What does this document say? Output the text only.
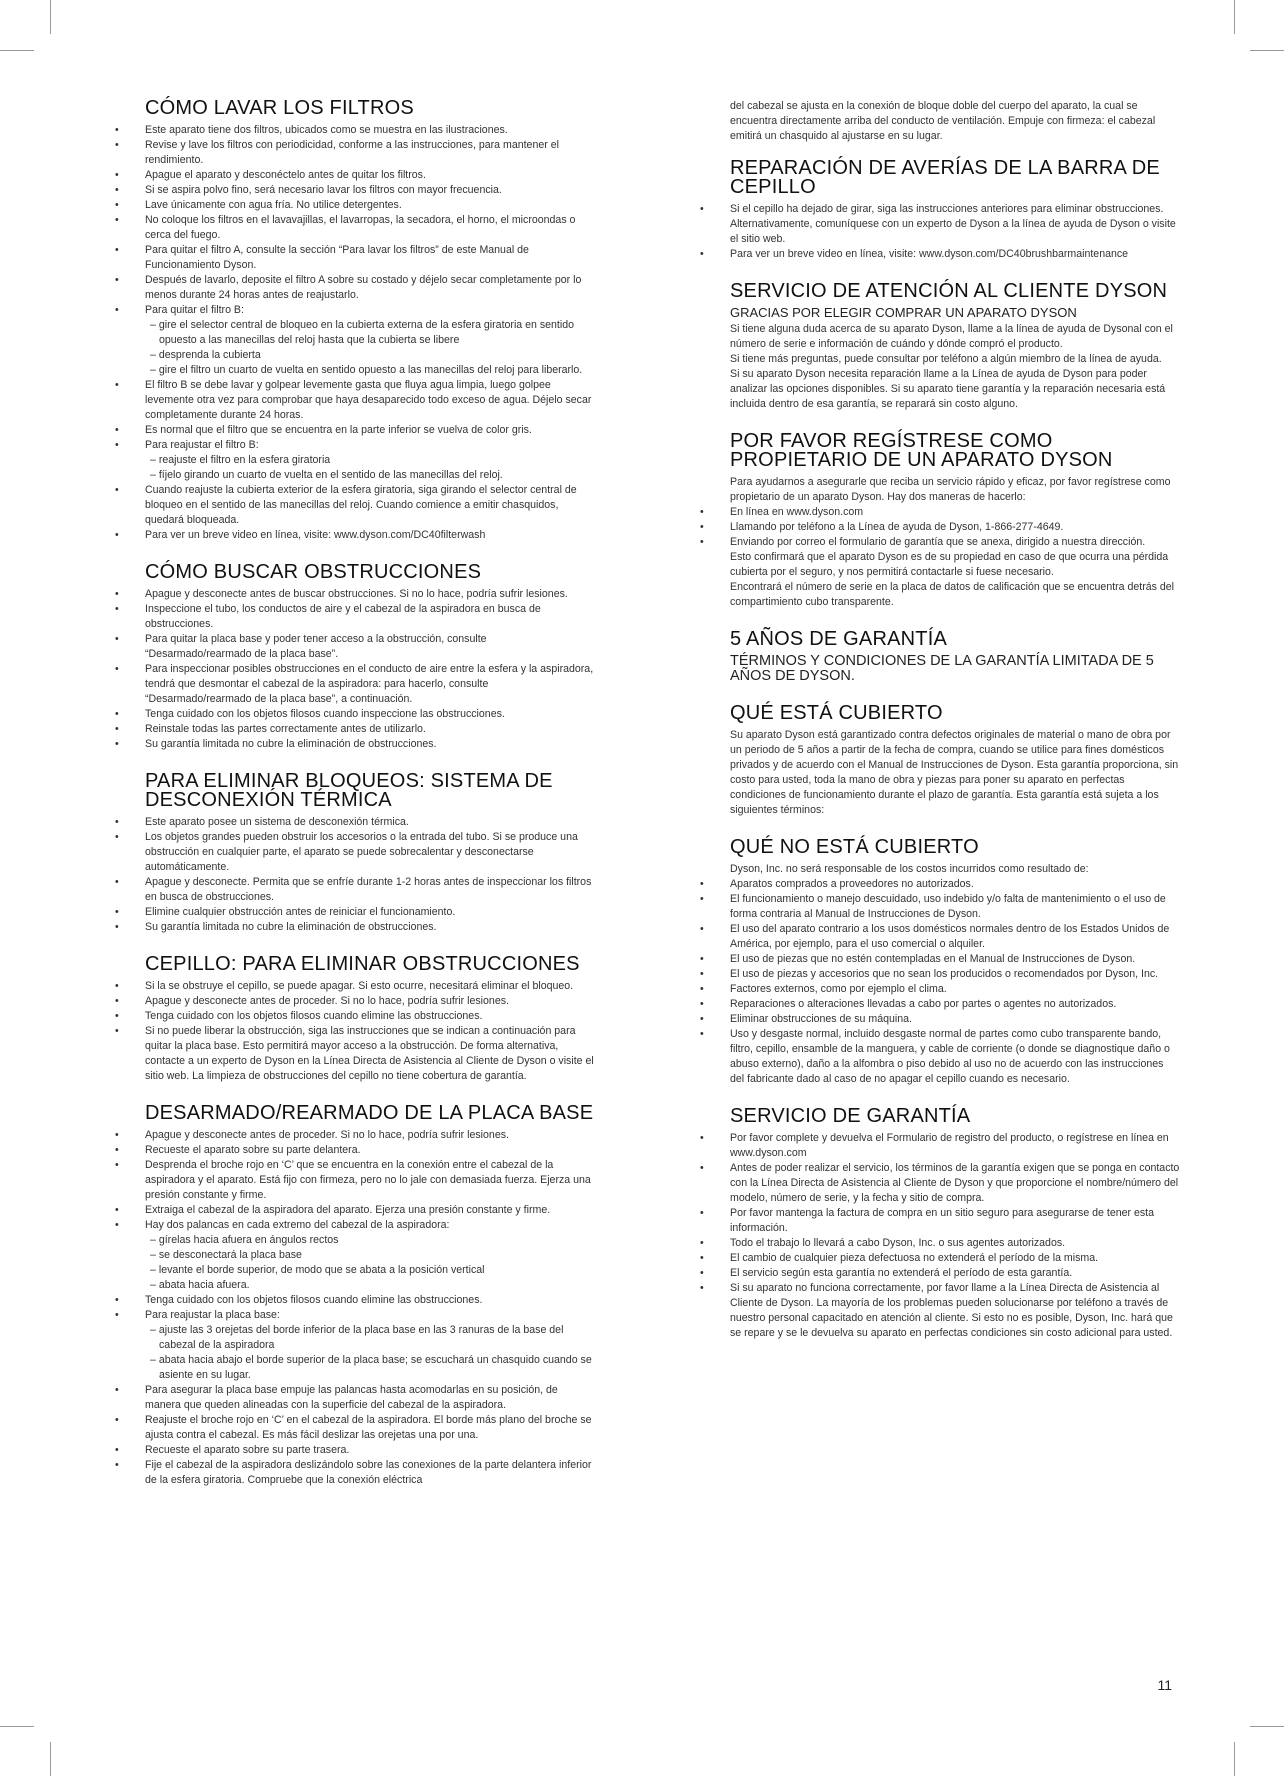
CÓMO LAVAR LOS FILTROS
• Este aparato tiene dos filtros, ubicados como se muestra en las ilustraciones.
• Revise y lave los filtros con periodicidad, conforme a las instrucciones, para mantener el rendimiento.
• Apague el aparato y desconéctelo antes de quitar los filtros.
• Si se aspira polvo fino, será necesario lavar los filtros con mayor frecuencia.
• Lave únicamente con agua fría. No utilice detergentes.
• No coloque los filtros en el lavavajillas, el lavarropas, la secadora, el horno, el microondas o cerca del fuego.
• Para quitar el filtro A, consulte la sección “Para lavar los filtros” de este Manual de Funcionamiento Dyson.
• Después de lavarlo, deposite el filtro A sobre su costado y déjelo secar completamente por lo menos durante 24 horas antes de reajustarlo.
• Para quitar el filtro B:
– gire el selector central de bloqueo en la cubierta externa de la esfera giratoria en sentido opuesto a las manecillas del reloj hasta que la cubierta se libere
– desprenda la cubierta
– gire el filtro un cuarto de vuelta en sentido opuesto a las manecillas del reloj para liberarlo.
• El filtro B se debe lavar y golpear levemente gasta que fluya agua limpia, luego golpee levemente otra vez para comprobar que haya desaparecido todo exceso de agua. Déjelo secar completamente durante 24 horas.
• Es normal que el filtro que se encuentra en la parte inferior se vuelva de color gris.
• Para reajustar el filtro B:
– reajuste el filtro en la esfera giratoria
– fíjelo girando un cuarto de vuelta en el sentido de las manecillas del reloj.
• Cuando reajuste la cubierta exterior de la esfera giratoria, siga girando el selector central de bloqueo en el sentido de las manecillas del reloj. Cuando comience a emitir chasquidos, quedará bloqueada.
• Para ver un breve video en línea, visite: www.dyson.com/DC40filterwash
CÓMO BUSCAR OBSTRUCCIONES
• Apague y desconecte antes de buscar obstrucciones. Si no lo hace, podría sufrir lesiones.
• Inspeccione el tubo, los conductos de aire y el cabezal de la aspiradora en busca de obstrucciones.
• Para quitar la placa base y poder tener acceso a la obstrucción, consulte “Desarmado/rearmado de la placa base”.
• Para inspeccionar posibles obstrucciones en el conducto de aire entre la esfera y la aspiradora, tendrá que desmontar el cabezal de la aspiradora: para hacerlo, consulte “Desarmado/rearmado de la placa base”, a continuación.
• Tenga cuidado con los objetos filosos cuando inspeccione las obstrucciones.
• Reinstale todas las partes correctamente antes de utilizarlo.
• Su garantía limitada no cubre la eliminación de obstrucciones.
PARA ELIMINAR BLOQUEOS: SISTEMA DE DESCONEXIÓN TÉRMICA
• Este aparato posee un sistema de desconexión térmica.
• Los objetos grandes pueden obstruir los accesorios o la entrada del tubo. Si se produce una obstrucción en cualquier parte, el aparato se puede sobrecalentar y desconectarse automáticamente.
• Apague y desconecte. Permita que se enfríe durante 1-2 horas antes de inspeccionar los filtros en busca de obstrucciones.
• Elimine cualquier obstrucción antes de reiniciar el funcionamiento.
• Su garantía limitada no cubre la eliminación de obstrucciones.
CEPILLO: PARA ELIMINAR OBSTRUCCIONES
• Si la se obstruye el cepillo, se puede apagar. Si esto ocurre, necesitará eliminar el bloqueo.
• Apague y desconecte antes de proceder. Si no lo hace, podría sufrir lesiones.
• Tenga cuidado con los objetos filosos cuando elimine las obstrucciones.
• Si no puede liberar la obstrucción, siga las instrucciones que se indican a continuación para quitar la placa base. Esto permitirá mayor acceso a la obstrucción. De forma alternativa, contacte a un experto de Dyson en la Línea Directa de Asistencia al Cliente de Dyson o visite el sitio web. La limpieza de obstrucciones del cepillo no tiene cobertura de garantía.
DESARMADO/REARMADO DE LA PLACA BASE
• Apague y desconecte antes de proceder. Si no lo hace, podría sufrir lesiones.
• Recueste el aparato sobre su parte delantera.
• Desprenda el broche rojo en ‘C’ que se encuentra en la conexión entre el cabezal de la aspiradora y el aparato. Está fijo con firmeza, pero no lo jale con demasiada fuerza. Ejerza una presión constante y firme.
• Extraiga el cabezal de la aspiradora del aparato. Ejerza una presión constante y firme.
• Hay dos palancas en cada extremo del cabezal de la aspiradora:
– gírelas hacia afuera en ángulos rectos
– se desconectará la placa base
– levante el borde superior, de modo que se abata a la posición vertical
– abata hacia afuera.
• Tenga cuidado con los objetos filosos cuando elimine las obstrucciones.
• Para reajustar la placa base:
– ajuste las 3 orejetas del borde inferior de la placa base en las 3 ranuras de la base del cabezal de la aspiradora
– abata hacia abajo el borde superior de la placa base; se escuchará un chasquido cuando se asiente en su lugar.
• Para asegurar la placa base empuje las palancas hasta acomodarlas en su posición, de manera que queden alineadas con la superficie del cabezal de la aspiradora.
• Reajuste el broche rojo en ‘C’ en el cabezal de la aspiradora. El borde más plano del broche se ajusta contra el cabezal. Es más fácil deslizar las orejetas una por una.
• Recueste el aparato sobre su parte trasera.
• Fije el cabezal de la aspiradora deslizándolo sobre las conexiones de la parte delantera inferior de la esfera giratoria. Compruebe que la conexión eléctrica
del cabezal se ajusta en la conexión de bloque doble del cuerpo del aparato, la cual se encuentra directamente arriba del conducto de ventilación. Empuje con firmeza: el cabezal emitirá un chasquido al ajustarse en su lugar.
REPARACIÓN DE AVERÍAS DE LA BARRA DE CEPILLO
• Si el cepillo ha dejado de girar, siga las instrucciones anteriores para eliminar obstrucciones. Alternativamente, comuníquese con un experto de Dyson a la línea de ayuda de Dyson o visite el sitio web.
• Para ver un breve video en línea, visite: www.dyson.com/DC40brushbarmaintenance
SERVICIO DE ATENCIÓN AL CLIENTE DYSON
GRACIAS POR ELEGIR COMPRAR UN APARATO DYSON
Si tiene alguna duda acerca de su aparato Dyson, llame a la línea de ayuda de Dysonal con el número de serie e información de cuándo y dónde compró el producto.
Si tiene más preguntas, puede consultar por teléfono a algún miembro de la línea de ayuda.
Si su aparato Dyson necesita reparación llame a la Línea de ayuda de Dyson para poder analizar las opciones disponibles. Si su aparato tiene garantía y la reparación necesaria está incluida dentro de esa garantía, se reparará sin costo alguno.
POR FAVOR REGÍSTRESE COMO PROPIETARIO DE UN APARATO DYSON
Para ayudarnos a asegurarle que reciba un servicio rápido y eficaz, por favor regístrese como propietario de un aparato Dyson. Hay dos maneras de hacerlo:
• En línea en www.dyson.com
• Llamando por teléfono a la Línea de ayuda de Dyson, 1-866-277-4649.
• Enviando por correo el formulario de garantía que se anexa, dirigido a nuestra dirección.
Esto confirmará que el aparato Dyson es de su propiedad en caso de que ocurra una pérdida cubierta por el seguro, y nos permitirá contactarle si fuese necesario.
Encontrará el número de serie en la placa de datos de calificación que se encuentra detrás del compartimiento cubo transparente.
5 AÑOS DE GARANTÍA
TÉRMINOS Y CONDICIONES DE LA GARANTÍA LIMITADA DE 5 AÑOS DE DYSON.
QUÉ ESTÁ CUBIERTO
Su aparato Dyson está garantizado contra defectos originales de material o mano de obra por un periodo de 5 años a partir de la fecha de compra, cuando se utilice para fines domésticos privados y de acuerdo con el Manual de Instrucciones de Dyson. Esta garantía proporciona, sin costo para usted, toda la mano de obra y piezas para poner su aparato en perfectas condiciones de funcionamiento durante el plazo de garantía. Esta garantía está sujeta a los siguientes términos:
QUÉ NO ESTÁ CUBIERTO
Dyson, Inc. no será responsable de los costos incurridos como resultado de:
• Aparatos comprados a proveedores no autorizados.
• El funcionamiento o manejo descuidado, uso indebido y/o falta de mantenimiento o el uso de forma contraria al Manual de Instrucciones de Dyson.
• El uso del aparato contrario a los usos domésticos normales dentro de los Estados Unidos de América, por ejemplo, para el uso comercial o alquiler.
• El uso de piezas que no estén contempladas en el Manual de Instrucciones de Dyson.
• El uso de piezas y accesorios que no sean los producidos o recomendados por Dyson, Inc.
• Factores externos, como por ejemplo el clima.
• Reparaciones o alteraciones llevadas a cabo por partes o agentes no autorizados.
• Eliminar obstrucciones de su máquina.
• Uso y desgaste normal, incluido desgaste normal de partes como cubo transparente bando, filtro, cepillo, ensamble de la manguera, y cable de corriente (o donde se diagnostique daño o abuso externo), daño a la alfombra o piso debido al uso no de acuerdo con las instrucciones del fabricante dado al caso de no apagar el cepillo cuando es necesario.
SERVICIO DE GARANTÍA
• Por favor complete y devuelva el Formulario de registro del producto, o regístrese en línea en www.dyson.com
• Antes de poder realizar el servicio, los términos de la garantía exigen que se ponga en contacto con la Línea Directa de Asistencia al Cliente de Dyson y que proporcione el nombre/número del modelo, número de serie, y la fecha y sitio de compra.
• Por favor mantenga la factura de compra en un sitio seguro para asegurarse de tener esta información.
• Todo el trabajo lo llevará a cabo Dyson, Inc. o sus agentes autorizados.
• El cambio de cualquier pieza defectuosa no extenderá el período de la misma.
• El servicio según esta garantía no extenderá el período de esta garantía.
• Si su aparato no funciona correctamente, por favor llame a la Línea Directa de Asistencia al Cliente de Dyson. La mayoría de los problemas pueden solucionarse por teléfono a través de nuestro personal capacitado en atención al cliente. Si esto no es posible, Dyson, Inc. hará que se repare y se le devuelva su aparato en perfectas condiciones sin costo adicional para usted.
11
